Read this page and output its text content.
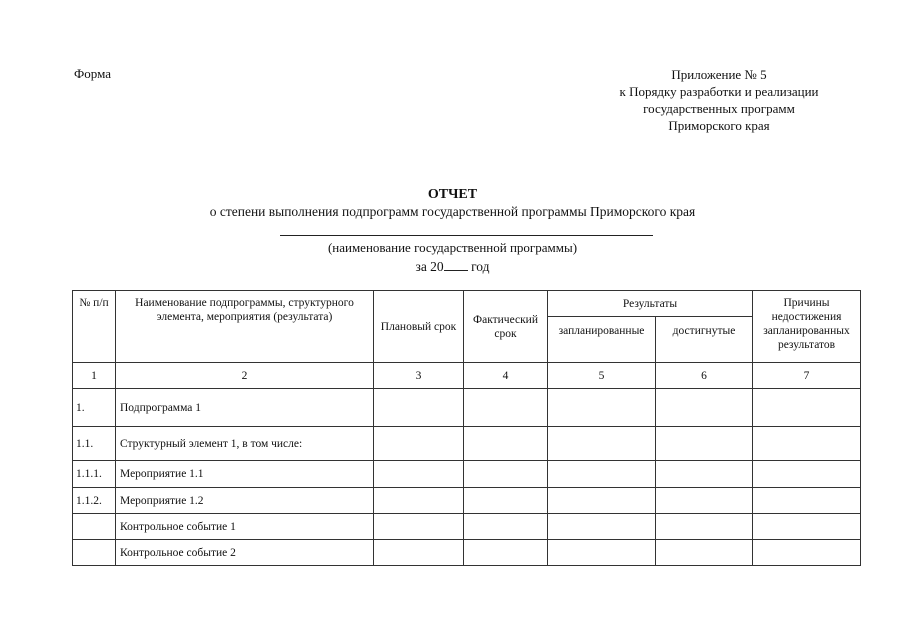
Форма	Приложение № 5
к Порядку разработки и реализации
государственных программ
Приморского края
ОТЧЕТ
о степени выполнения подпрограмм государственной программы Приморского края
(наименование государственной программы)
за 20 год
№ п/п	Наименование подпрограммы, структурного элемента, мероприятия (результата)	Плановый срок	Фактический срок	Результаты		Причины недостижения запланированных результатов
				запланированные	достигнутые	
1	2	3	4	5	6	7
1.	Подпрограмма 1					
1.1.	Структурный элемент 1, в том числе:					
1.1.1.	Мероприятие 1.1					
1.1.2.	Мероприятие 1.2					
	Контрольное событие 1					
	Контрольное событие 2					
